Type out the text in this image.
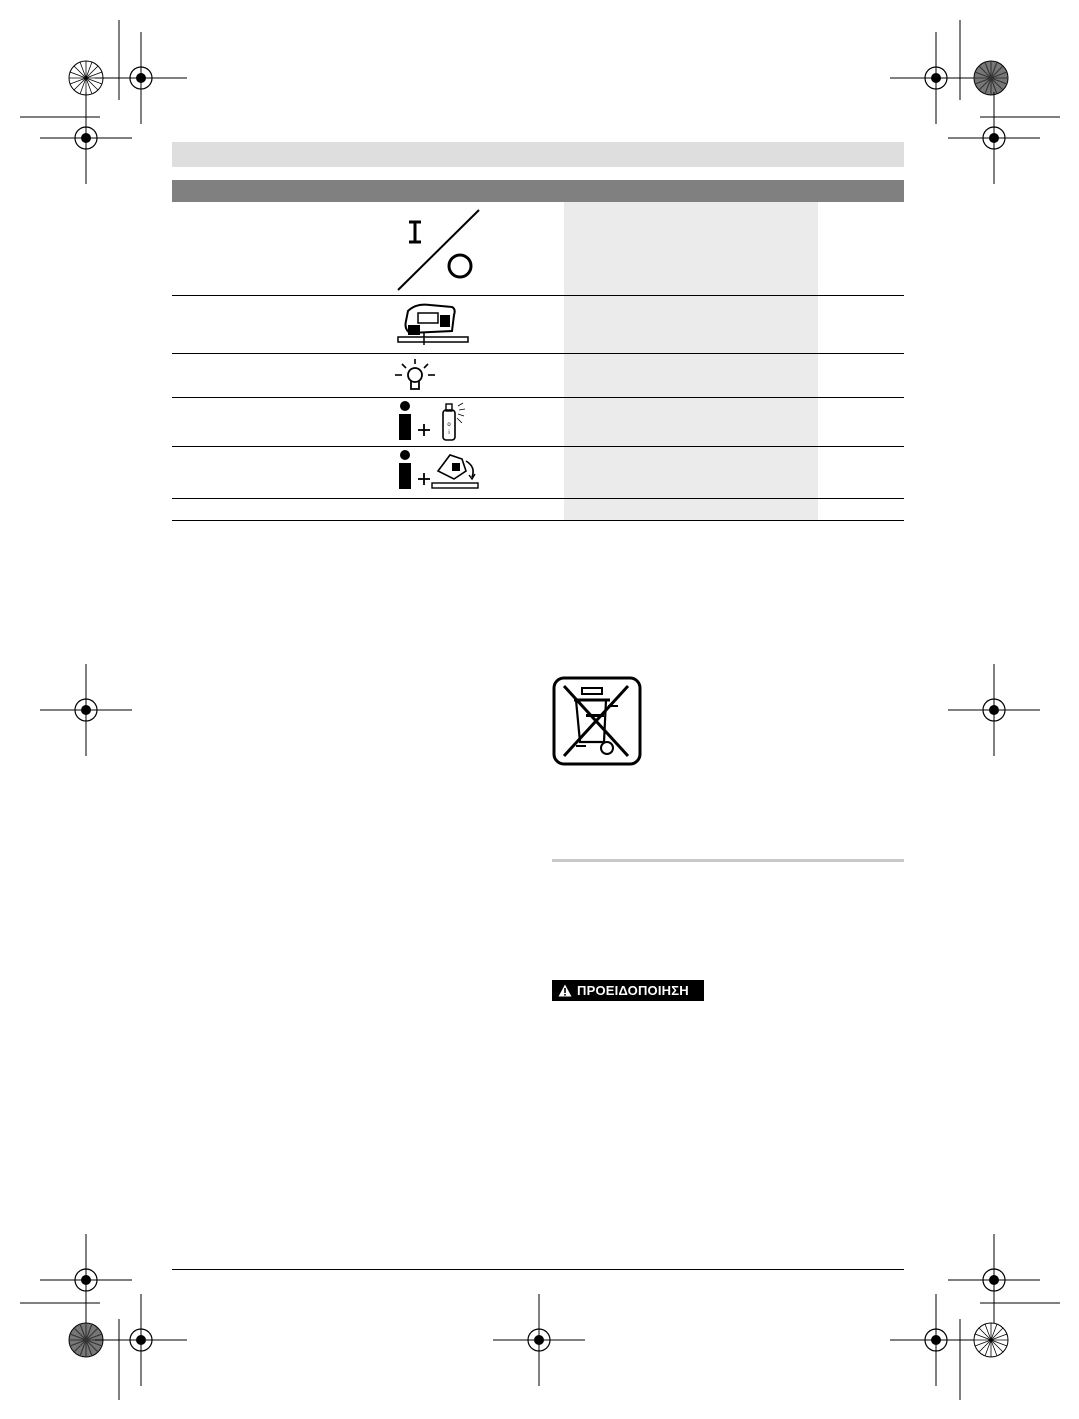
o
i
ΠΡΟΕΙΔΟΠΟΙΗΣΗ
